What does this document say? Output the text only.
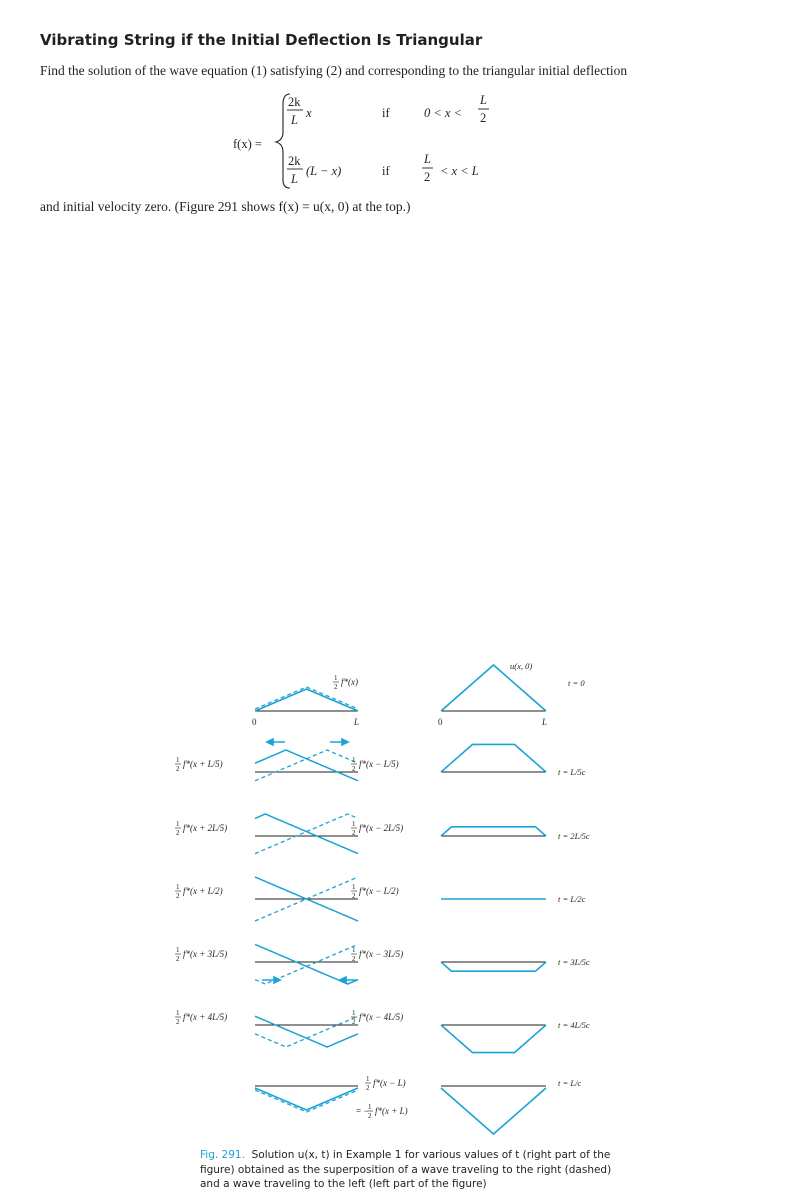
Vibrating String if the Initial Deflection Is Triangular

Find the solution of the wave equation (1) satisfying (2) and corresponding to the triangular initial deflection

f(x) =
2k
L x	if	0 < x <
L
2
2k
L
(L − x)	if
L
2 < x < L

and initial velocity zero. (Figure 291 shows f(x) = u(x, 0) at the top.)

0	L
1
2 f*(x)
0	L
u(x, 0)
t = 0
1
2 f*(x + L/5)	1
2 f*(x − L/5)
t = L/5c
1
2 f*(x + 2L/5)	1
2 f*(x − 2L/5)
t = 2L/5c
1
2 f*(x + L/2)	1
2 f*(x − L/2)
t = L/2c
1
2 f*(x + 3L/5)	1
2 f*(x − 3L/5)
t = 3L/5c
1
2 f*(x + 4L/5)	1
2 f*(x − 4L/5)
t = 4L/5c
1
2 f*(x − L)
= − 1
2 f*(x + L)
t = L/c

Fig. 291. Solution u(x, t) in Example 1 for various values of t (right part of the figure) obtained as the superposition of a wave traveling to the right (dashed) and a wave traveling to the left (left part of the figure)
